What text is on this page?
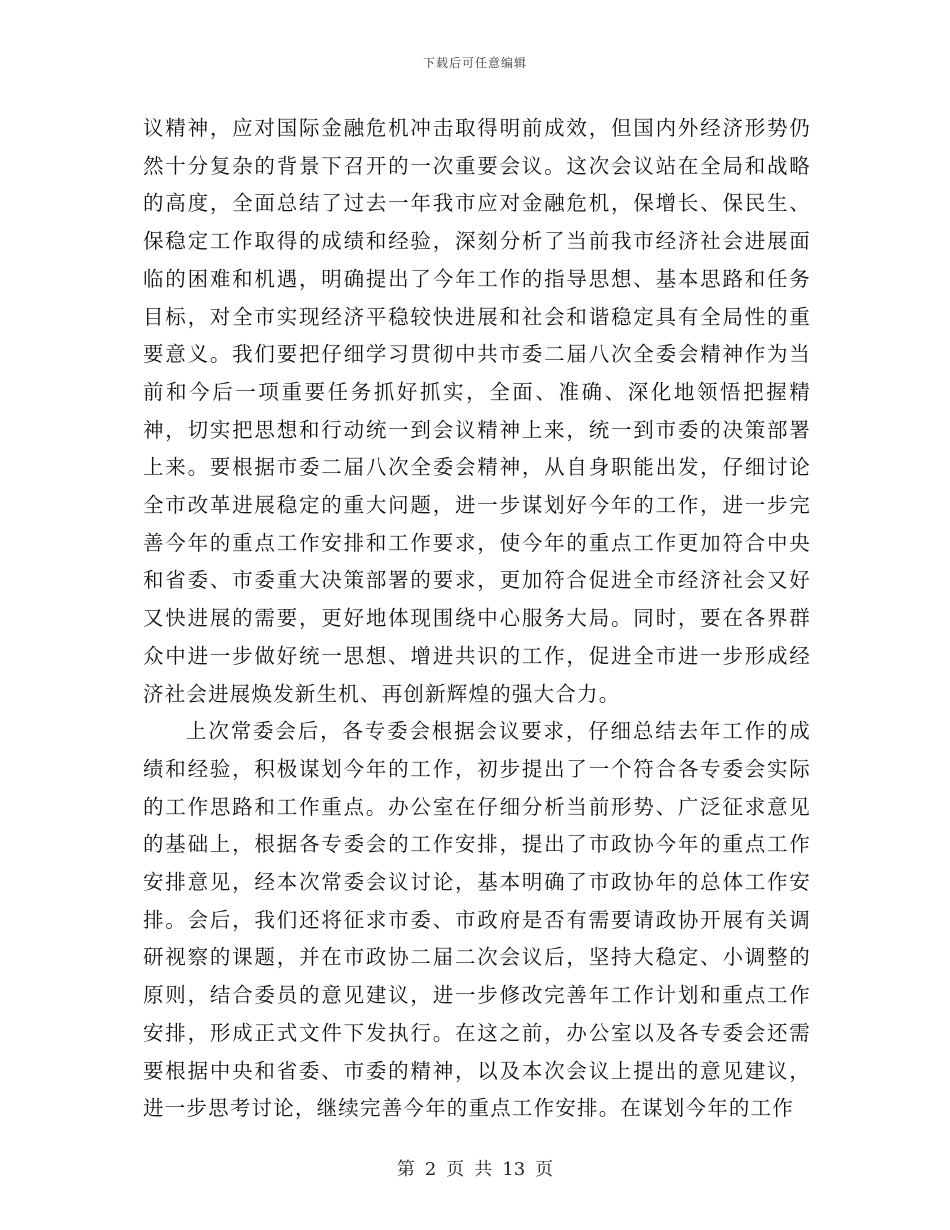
下载后可任意编辑

议精神，应对国际金融危机冲击取得明前成效，但国内外经济形势仍然十分复杂的背景下召开的一次重要会议。这次会议站在全局和战略的高度，全面总结了过去一年我市应对金融危机，保增长、保民生、保稳定工作取得的成绩和经验，深刻分析了当前我市经济社会进展面临的困难和机遇，明确提出了今年工作的指导思想、基本思路和任务目标，对全市实现经济平稳较快进展和社会和谐稳定具有全局性的重要意义。我们要把仔细学习贯彻中共市委二届八次全委会精神作为当前和今后一项重要任务抓好抓实，全面、准确、深化地领悟把握精神，切实把思想和行动统一到会议精神上来，统一到市委的决策部署上来。要根据市委二届八次全委会精神，从自身职能出发，仔细讨论全市改革进展稳定的重大问题，进一步谋划好今年的工作，进一步完善今年的重点工作安排和工作要求，使今年的重点工作更加符合中央和省委、市委重大决策部署的要求，更加符合促进全市经济社会又好又快进展的需要，更好地体现围绕中心服务大局。同时，要在各界群众中进一步做好统一思想、增进共识的工作，促进全市进一步形成经济社会进展焕发新生机、再创新辉煌的强大合力。

上次常委会后，各专委会根据会议要求，仔细总结去年工作的成绩和经验，积极谋划今年的工作，初步提出了一个符合各专委会实际的工作思路和工作重点。办公室在仔细分析当前形势、广泛征求意见的基础上，根据各专委会的工作安排，提出了市政协今年的重点工作安排意见，经本次常委会议讨论，基本明确了市政协年的总体工作安排。会后，我们还将征求市委、市政府是否有需要请政协开展有关调研视察的课题，并在市政协二届二次会议后，坚持大稳定、小调整的原则，结合委员的意见建议，进一步修改完善年工作计划和重点工作安排，形成正式文件下发执行。在这之前，办公室以及各专委会还需要根据中央和省委、市委的精神，以及本次会议上提出的意见建议，进一步思考讨论，继续完善今年的重点工作安排。在谋划今年的工作

第 2 页 共 13 页
